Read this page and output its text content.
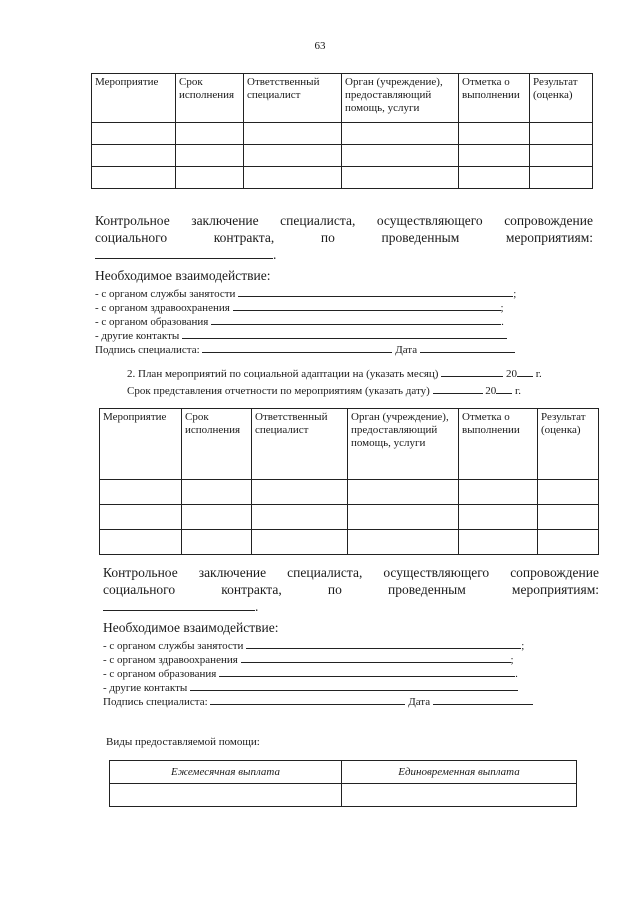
63
Мероприятие	Срок исполнения	Ответственный специалист	Орган (учреждение), предоставляющий помощь, услуги	Отметка о выполнении	Результат (оценка)

Контрольное заключение специалиста, осуществляющего сопровождение социального контракта, по проведенным мероприятиям:
.
Необходимое взаимодействие:
- с органом службы занятости	;
- с органом здравоохранения	;
- с органом образования	.
- другие контакты
Подпись специалиста:	Дата
2. План мероприятий по социальной адаптации на (указать месяц)	20 г.
Срок представления отчетности по мероприятиям (указать дату)	20 г.
Мероприятие	Срок исполнения	Ответственный специалист	Орган (учреждение), предоставляющий помощь, услуги	Отметка о выполнении	Результат (оценка)

Контрольное заключение специалиста, осуществляющего сопровождение социального контракта, по проведенным мероприятиям:
.
Необходимое взаимодействие:
- с органом службы занятости	;
- с органом здравоохранения	;
- с органом образования	.
- другие контакты
Подпись специалиста:	Дата
Виды предоставляемой помощи:
Ежемесячная выплата	Единовременная выплата
